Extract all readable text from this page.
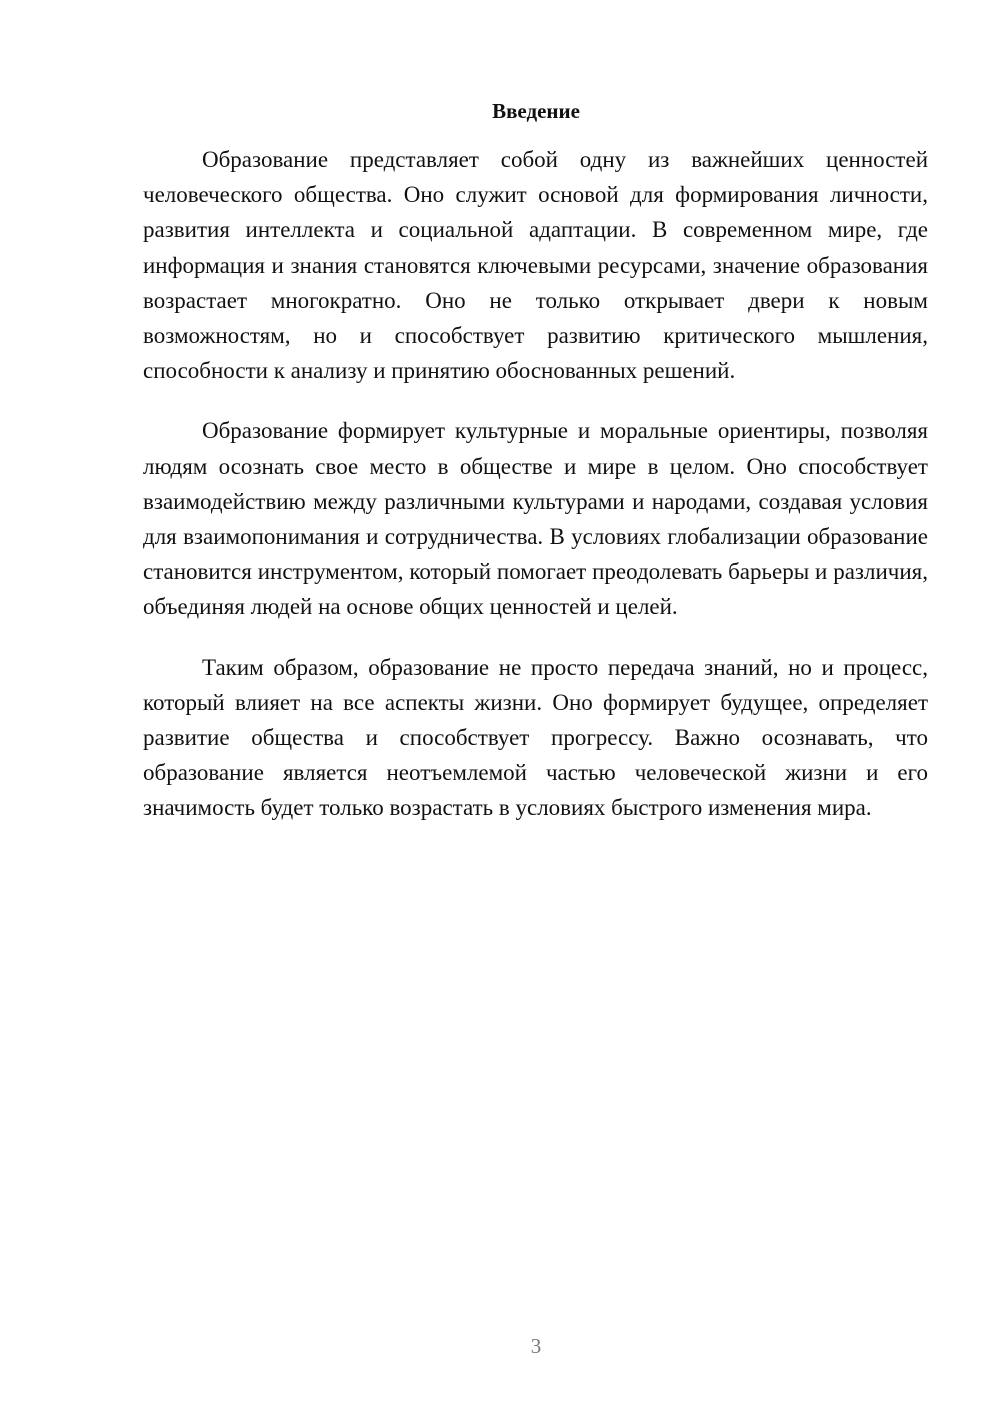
Введение

Образование представляет собой одну из важнейших ценностей человеческого общества. Оно служит основой для формирования личности, развития интеллекта и социальной адаптации. В современном мире, где информация и знания становятся ключевыми ресурсами, значение образования возрастает многократно. Оно не только открывает двери к новым возможностям, но и способствует развитию критического мышления, способности к анализу и принятию обоснованных решений.

Образование формирует культурные и моральные ориентиры, позволяя людям осознать свое место в обществе и мире в целом. Оно способствует взаимодействию между различными культурами и народами, создавая условия для взаимопонимания и сотрудничества. В условиях глобализации образование становится инструментом, который помогает преодолевать барьеры и различия, объединяя людей на основе общих ценностей и целей.

Таким образом, образование не просто передача знаний, но и процесс, который влияет на все аспекты жизни. Оно формирует будущее, определяет развитие общества и способствует прогрессу. Важно осознавать, что образование является неотъемлемой частью человеческой жизни и его значимость будет только возрастать в условиях быстрого изменения мира.

3
